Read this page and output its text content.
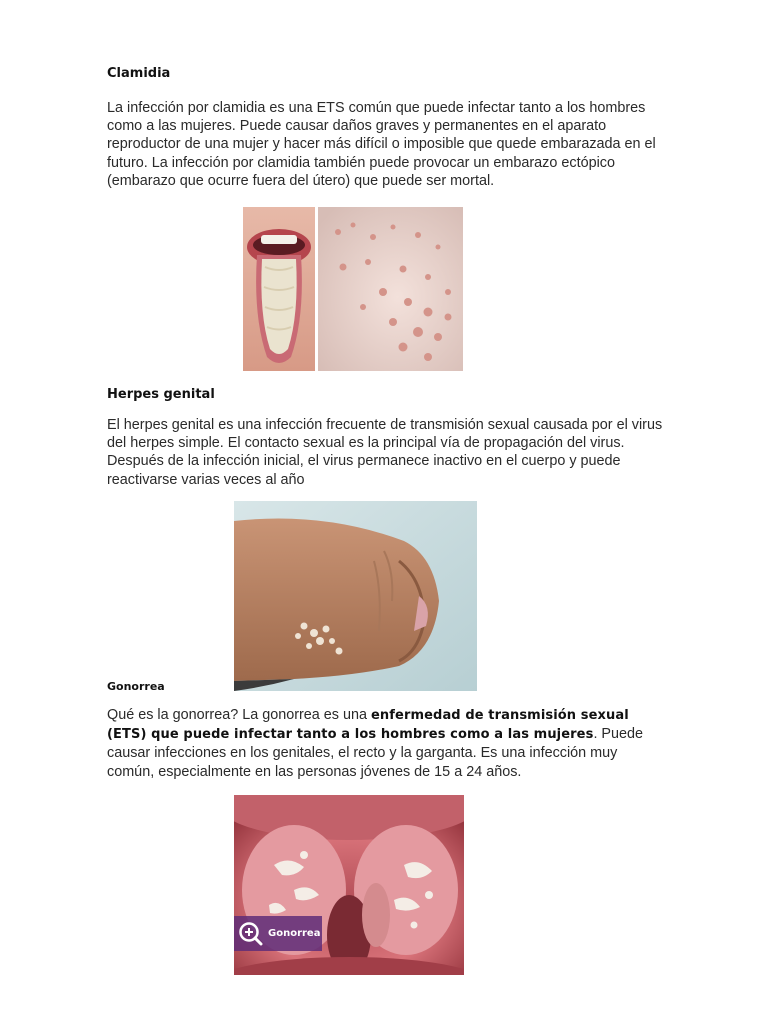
Clamidia

La infección por clamidia es una ETS común que puede infectar tanto a los hombres como a las mujeres. Puede causar daños graves y permanentes en el aparato reproductor de una mujer y hacer más difícil o imposible que quede embarazada en el futuro. La infección por clamidia también puede provocar un embarazo ectópico (embarazo que ocurre fuera del útero) que puede ser mortal.

Herpes genital

El herpes genital es una infección frecuente de transmisión sexual causada por el virus del herpes simple. El contacto sexual es la principal vía de propagación del virus. Después de la infección inicial, el virus permanece inactivo en el cuerpo y puede reactivarse varias veces al año

Gonorrea

Qué es la gonorrea? La gonorrea es una enfermedad de transmisión sexual (ETS) que puede infectar tanto a los hombres como a las mujeres. Puede causar infecciones en los genitales, el recto y la garganta. Es una infección muy común, especialmente en las personas jóvenes de 15 a 24 años.

Gonorrea
